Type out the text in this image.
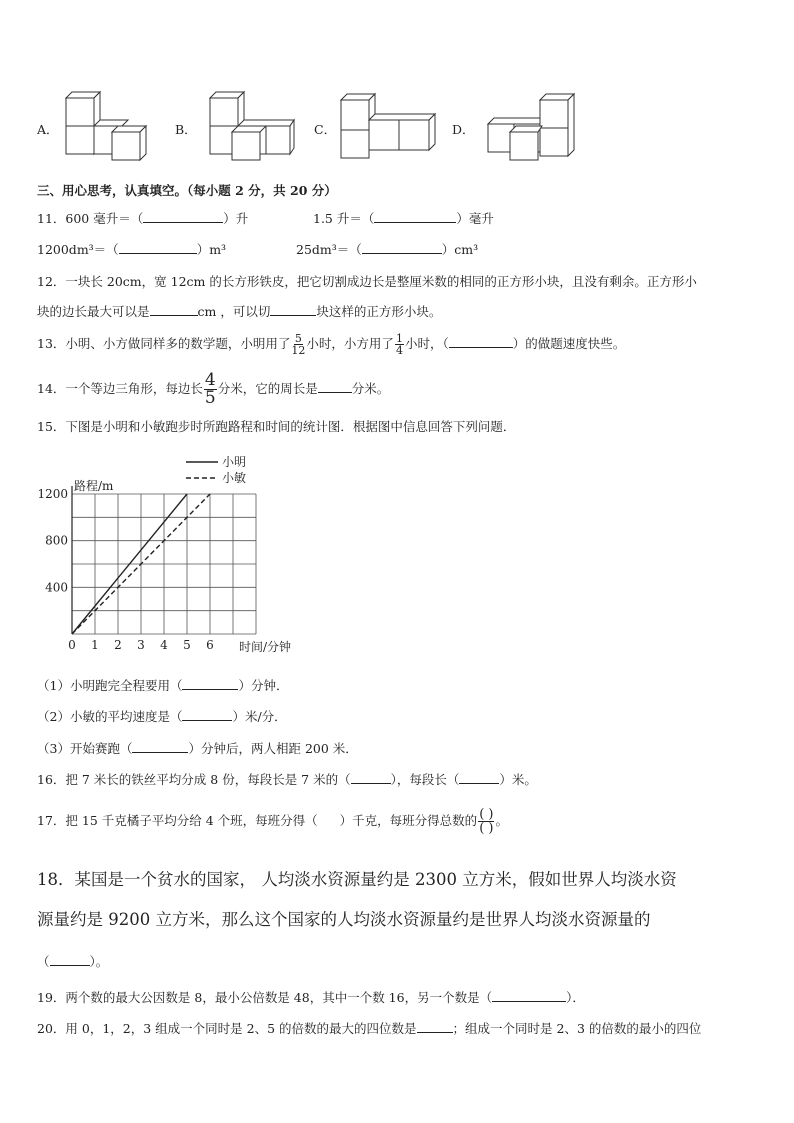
A．	B．	C．	D．
三、用心思考，认真填空。（每小题 2 分，共 20 分）
11．600 毫升＝（	）升	1.5 升＝（	）毫升
1200dm³＝（	）m³	25dm³＝（	）cm³
12．一块长 20cm，宽 12cm 的长方形铁皮，把它切割成边长是整厘米数的相同的正方形小块，且没有剩余。正方形小
块的边长最大可以是	cm ，可以切	块这样的正方形小块。
13．小明、小方做同样多的数学题，小明用了 $\frac{5}{12}$ 小时，小方用了 $\frac{1}{4}$ 小时，（	）的做题速度快些。
14．一个等边三角形，每边长 $\frac{4}{5}$ 分米，它的周长是	分米。
15．下图是小明和小敏跑步时所跑路程和时间的统计图．根据图中信息回答下列问题．
0 1 2 3 4 5 6
400
800
1200
路程/m
时间/分钟
小明
小敏
（1）小明跑完全程要用（	）分钟．
（2）小敏的平均速度是（	）米/分．
（3）开始赛跑（	）分钟后，两人相距 200 米．
16．把 7 米长的铁丝平均分成 8 份，每段长是 7 米的（	），每段长（	）米。
17．把 15 千克橘子平均分给 4 个班，每班分得（ ）千克，每班分得总数的 $\frac{( )}{( )}$ 。
18．某国是一个贫水的国家， 人均淡水资源量约是 2300 立方米，假如世界人均淡水资
源量约是 9200 立方米，那么这个国家的人均淡水资源量约是世界人均淡水资源量的
（	）。
19．两个数的最大公因数是 8，最小公倍数是 48，其中一个数 16，另一个数是（	）．
20．用 0，1，2，3 组成一个同时是 2、5 的倍数的最大的四位数是	；组成一个同时是 2、3 的倍数的最小的四位
